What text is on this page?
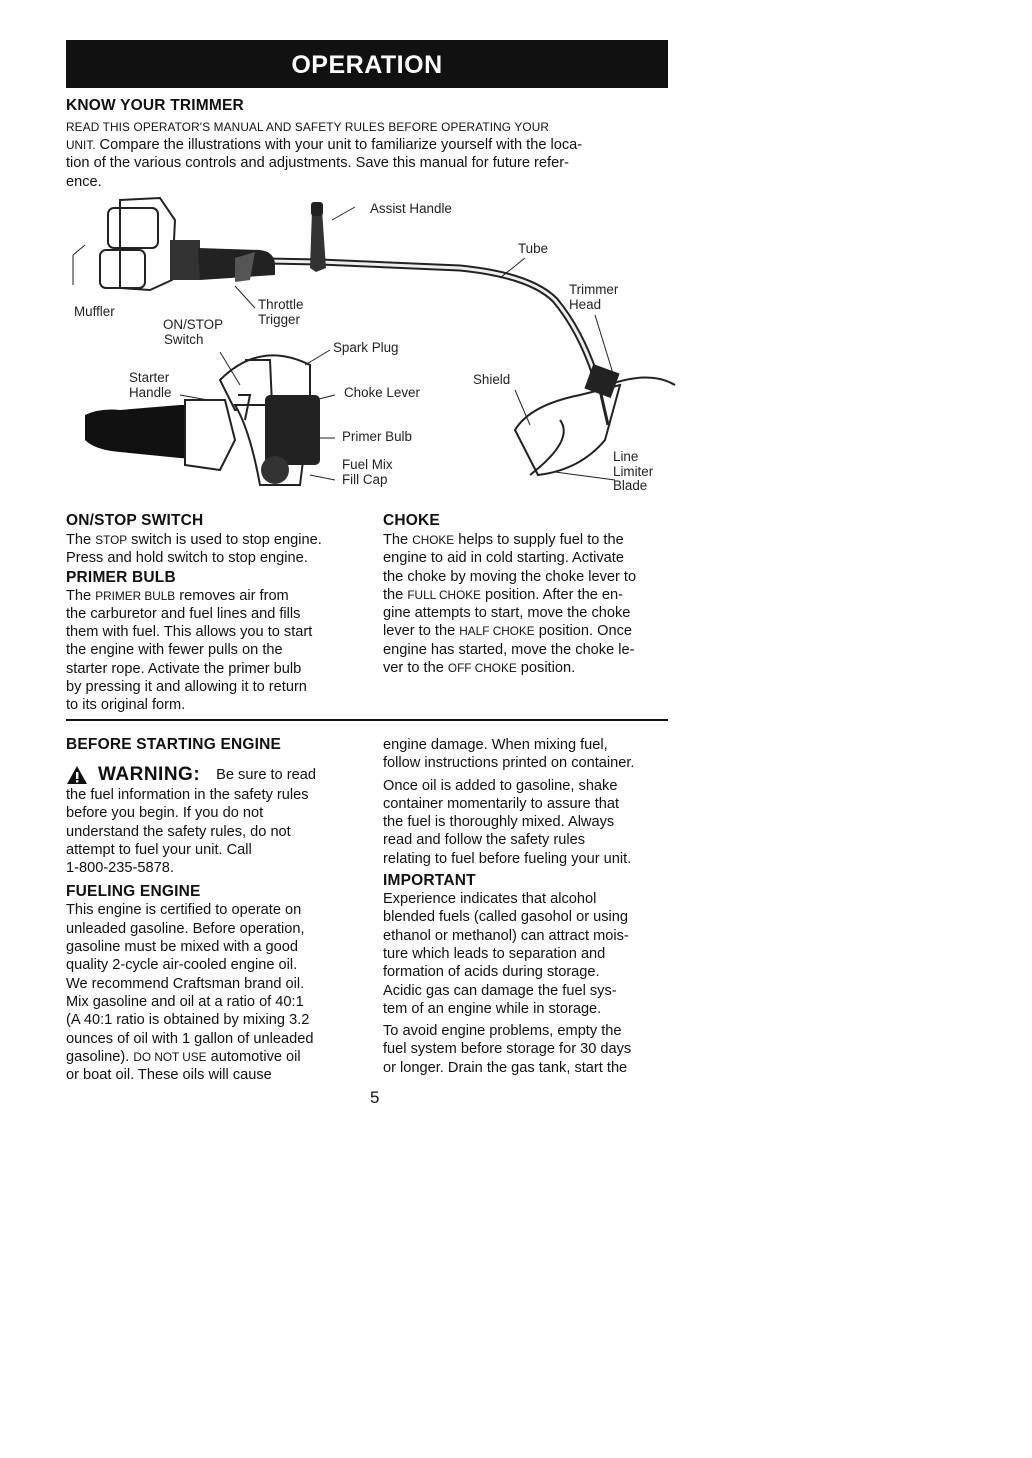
OPERATION
KNOW YOUR TRIMMER
READ THIS OPERATOR'S MANUAL AND SAFETY RULES BEFORE OPERATING YOUR
UNIT. Compare the illustrations with your unit to familiarize yourself with the loca-
tion of the various controls and adjustments. Save this manual for future refer-
ence.
Assist Handle
Tube
Trimmer
Head
Muffler	Throttle
Trigger
ON/STOP
Switch
Spark Plug
Starter
Handle	Choke Lever
Shield
Primer Bulb
Fuel Mix
Fill Cap
Line
Limiter
Blade
ON/STOP SWITCH
The STOP switch is used to stop engine.
Press and hold switch to stop engine.
PRIMER BULB
The PRIMER BULB removes air from
the carburetor and fuel lines and fills
them with fuel. This allows you to start
the engine with fewer pulls on the
starter rope. Activate the primer bulb
by pressing it and allowing it to return
to its original form.
CHOKE
The CHOKE helps to supply fuel to the
engine to aid in cold starting. Activate
the choke by moving the choke lever to
the FULL CHOKE position. After the en-
gine attempts to start, move the choke
lever to the HALF CHOKE position. Once
engine has started, move the choke le-
ver to the OFF CHOKE position.
BEFORE STARTING ENGINE
WARNING: Be sure to read
the fuel information in the safety rules
before you begin. If you do not
understand the safety rules, do not
attempt to fuel your unit. Call
1-800-235-5878.
FUELING ENGINE
This engine is certified to operate on
unleaded gasoline. Before operation,
gasoline must be mixed with a good
quality 2-cycle air-cooled engine oil.
We recommend Craftsman brand oil.
Mix gasoline and oil at a ratio of 40:1
(A 40:1 ratio is obtained by mixing 3.2
ounces of oil with 1 gallon of unleaded
gasoline). DO NOT USE automotive oil
or boat oil. These oils will cause
engine damage. When mixing fuel,
follow instructions printed on container.
Once oil is added to gasoline, shake
container momentarily to assure that
the fuel is thoroughly mixed. Always
read and follow the safety rules
relating to fuel before fueling your unit.
IMPORTANT
Experience indicates that alcohol
blended fuels (called gasohol or using
ethanol or methanol) can attract mois-
ture which leads to separation and
formation of acids during storage.
Acidic gas can damage the fuel sys-
tem of an engine while in storage.
To avoid engine problems, empty the
fuel system before storage for 30 days
or longer. Drain the gas tank, start the
5
